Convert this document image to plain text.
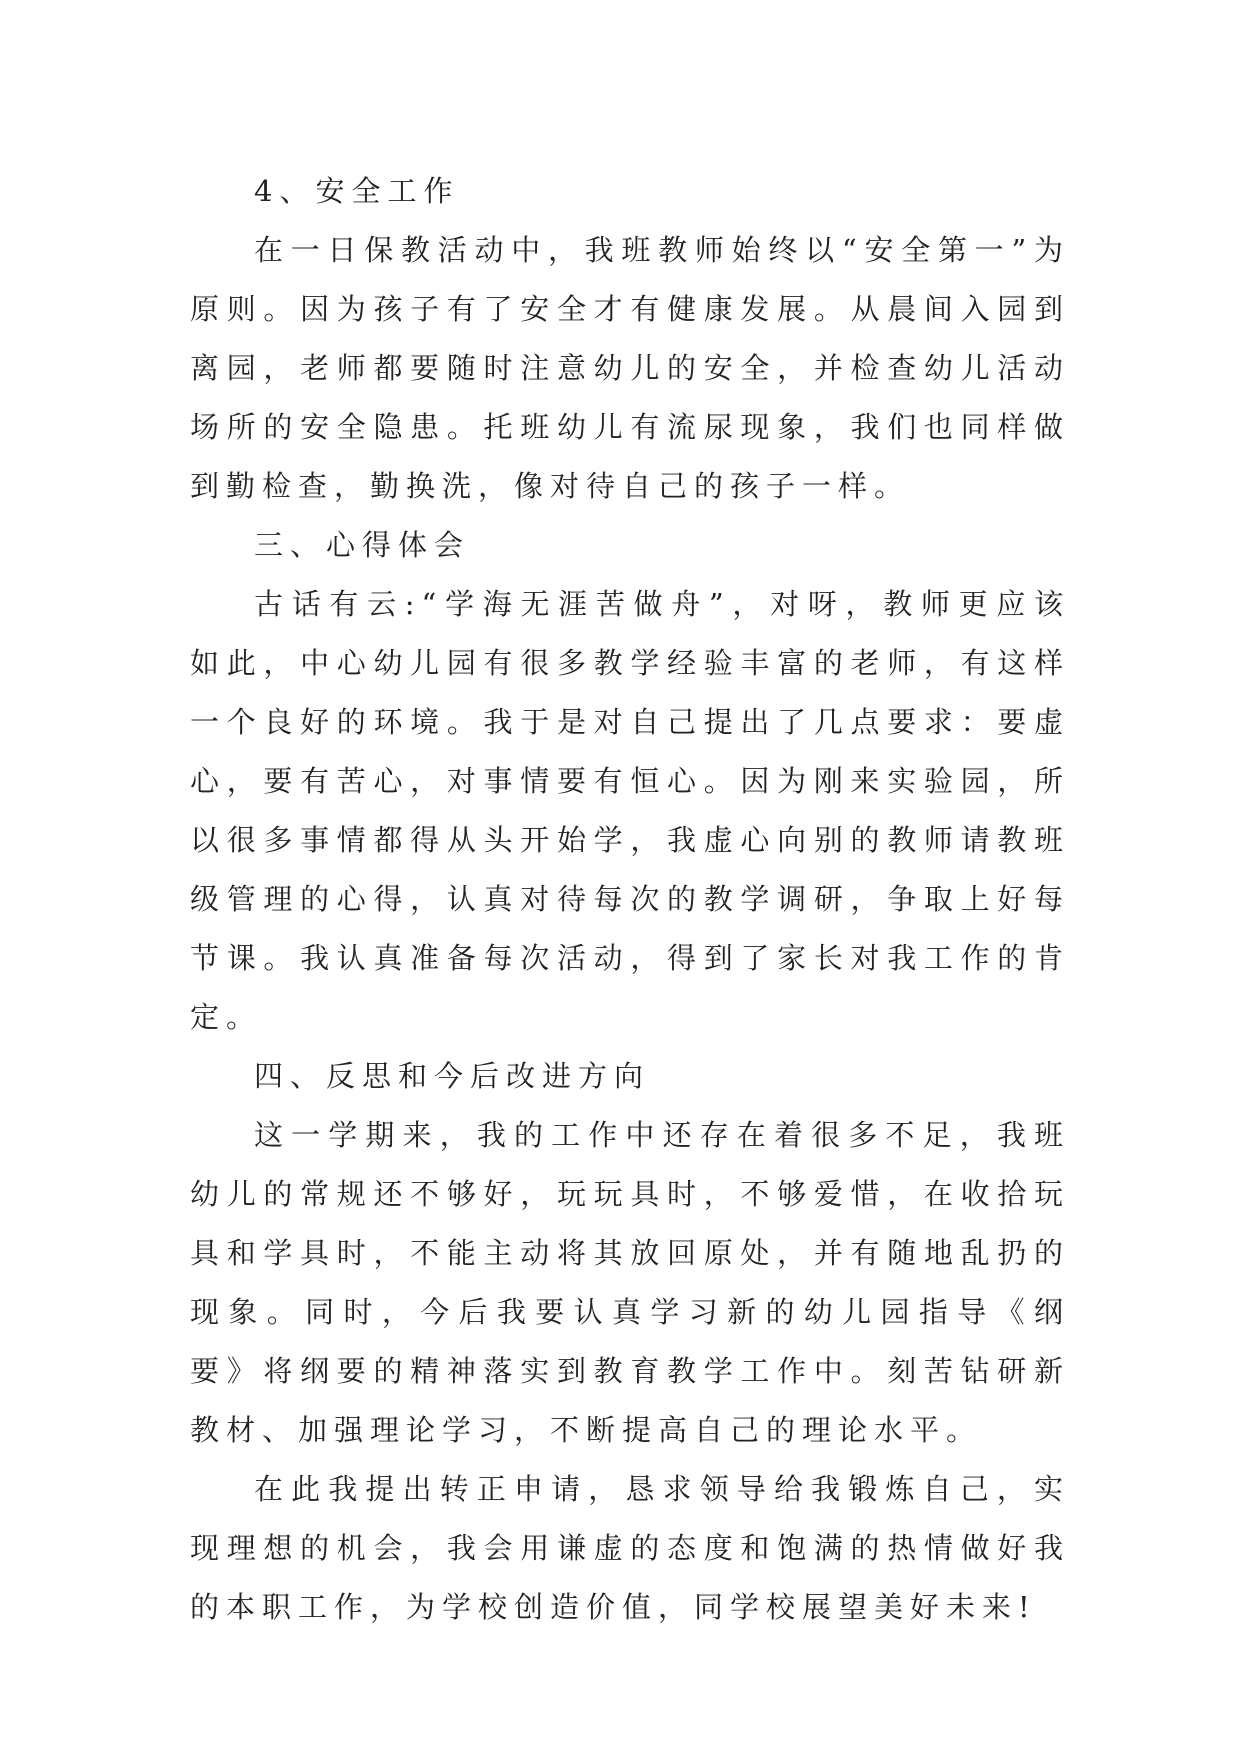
4、安全工作

在一日保教活动中，我班教师始终以“安全第一”为原则。因为孩子有了安全才有健康发展。从晨间入园到离园，老师都要随时注意幼儿的安全，并检查幼儿活动场所的安全隐患。托班幼儿有流尿现象，我们也同样做到勤检查，勤换洗，像对待自己的孩子一样。

三、心得体会

古话有云:“学海无涯苦做舟”，对呀，教师更应该如此，中心幼儿园有很多教学经验丰富的老师，有这样一个良好的环境。我于是对自己提出了几点要求：要虚心，要有苦心，对事情要有恒心。因为刚来实验园，所以很多事情都得从头开始学，我虚心向别的教师请教班级管理的心得，认真对待每次的教学调研，争取上好每节课。我认真准备每次活动，得到了家长对我工作的肯定。

四、反思和今后改进方向

这一学期来，我的工作中还存在着很多不足，我班幼儿的常规还不够好，玩玩具时，不够爱惜，在收拾玩具和学具时，不能主动将其放回原处，并有随地乱扔的现象。同时，今后我要认真学习新的幼儿园指导《纲要》将纲要的精神落实到教育教学工作中。刻苦钻研新教材、加强理论学习，不断提高自己的理论水平。

在此我提出转正申请，恳求领导给我锻炼自己，实现理想的机会，我会用谦虚的态度和饱满的热情做好我的本职工作，为学校创造价值，同学校展望美好未来!
